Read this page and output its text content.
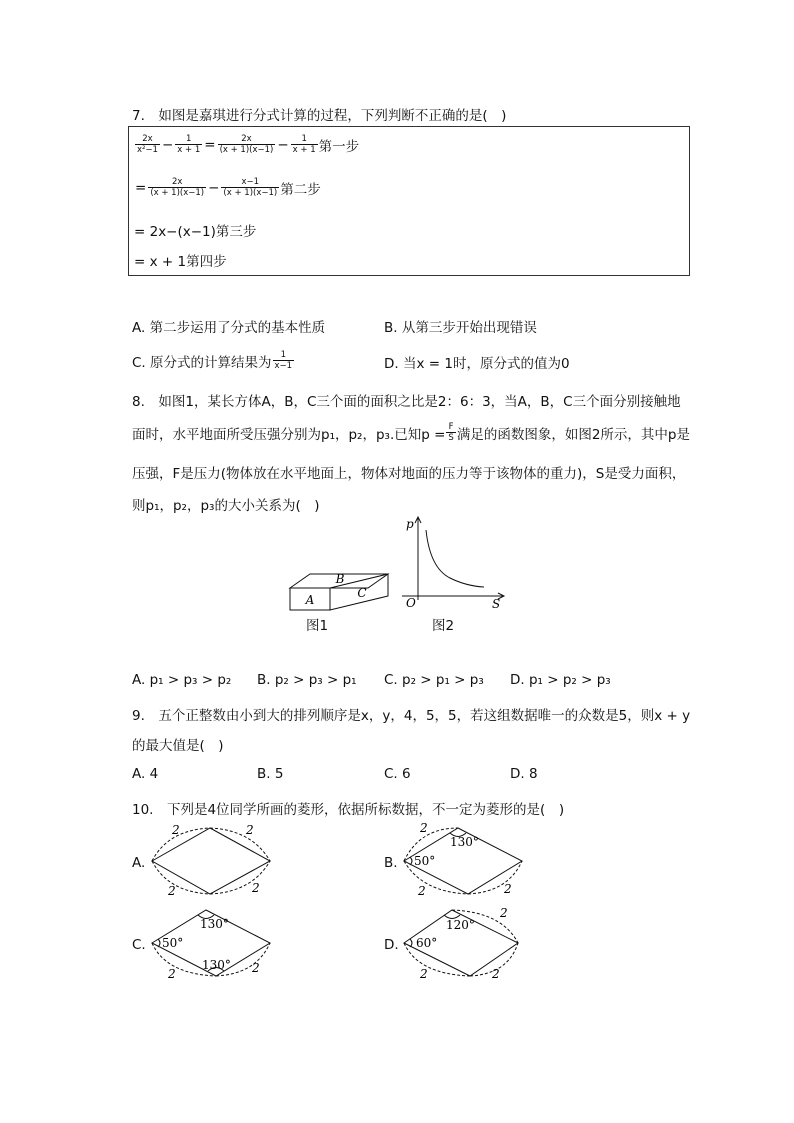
7.　如图是嘉琪进行分式计算的过程，下列判断不正确的是(　)
$\frac{2x}{\text{x²−1}} - \frac{1}{x + 1} = \frac{2x}{(x + 1)(x-1)} - \frac{1}{x + 1}$ 第一步
= $\frac{2x}{(x + 1)(x-1)} - \frac{x-1}{(x + 1)(x-1)}$ 第二步
= 2x−(x−1)第三步
= x + 1第四步
A. 第二步运用了分式的基本性质	B. 从第三步开始出现错误
C. 原分式的计算结果为 $\frac{1}{x-1}$	D. 当x = 1时，原分式的值为0
8.　如图1，某长方体A，B，C三个面的面积之比是2：6：3，当A，B，C三个面分别接触地
面时，水平地面所受压强分别为p₁，p₂，p₃.已知$p = \frac{F}{S}$ 满足的函数图象，如图2所示，其中p是
压强，F是压力(物体放在水平地面上，物体对地面的压力等于该物体的重力)，S是受力面积，
则p₁，p₂，p₃的大小关系为(　)
A
B
C
图1
p
O	S
图2
A. p₁ > p₃ > p₂ B. p₂ > p₃ > p₁ C. p₂ > p₁ > p₃ D. p₁ > p₂ > p₃
9.　五个正整数由小到大的排列顺序是x，y，4，5，5，若这组数据唯一的众数是5，则x + y
的最大值是(　)
A. 4	B. 5	C. 6	D. 8
10.　下列是4位同学所画的菱形，依据所标数据，不一定为菱形的是(　)
A.
2	2
2	2
B.
2
130°
50°
2	2
C.
130°
50°
130°
2	2
D.
120°
60°
2
2	2
